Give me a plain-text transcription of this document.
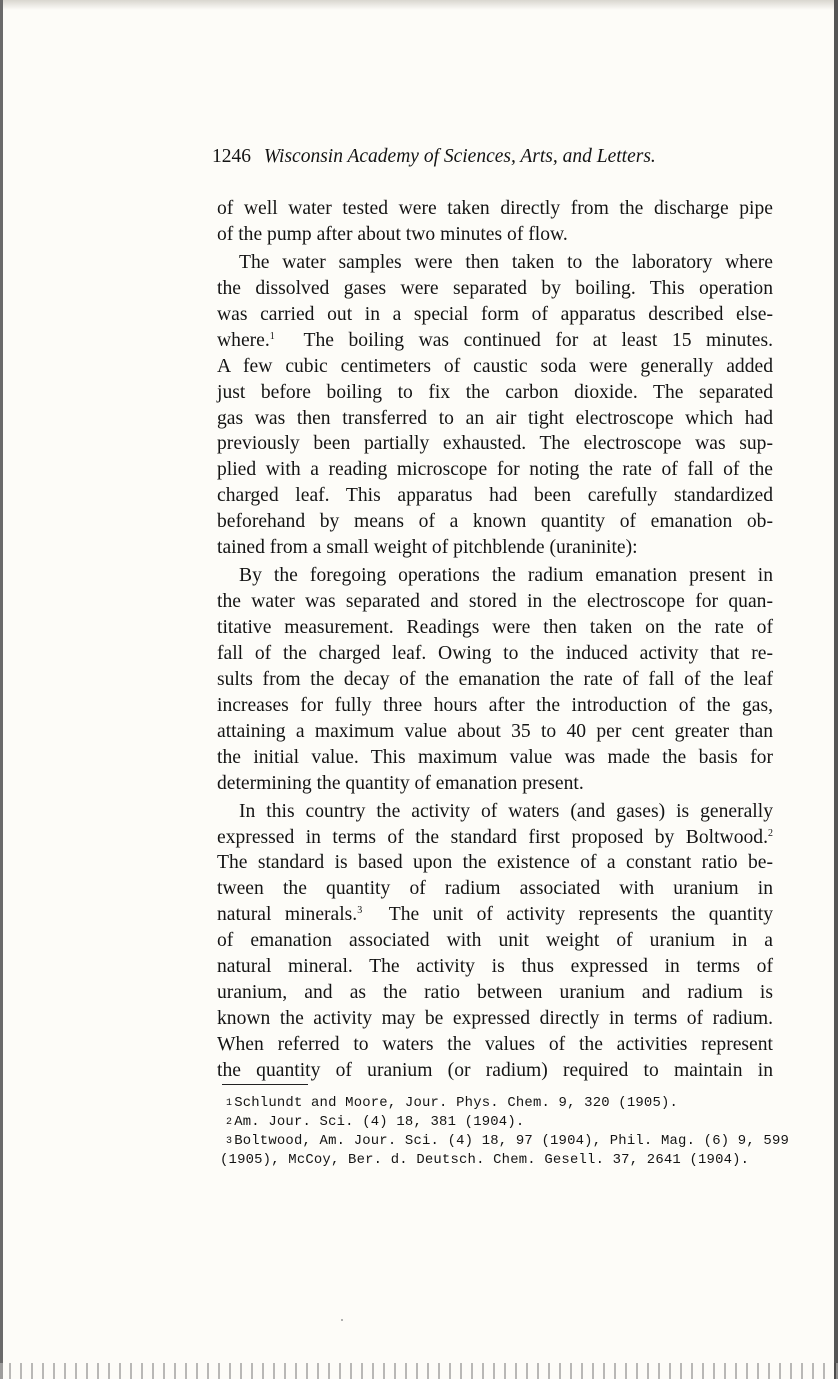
1246 Wisconsin Academy of Sciences, Arts, and Letters.
of well water tested were taken directly from the discharge pipe
of the pump after about two minutes of flow.
The water samples were then taken to the laboratory where
the dissolved gases were separated by boiling. This operation
was carried out in a special form of apparatus described else-
where.$^1$  The boiling was continued for at least 15 minutes.
A few cubic centimeters of caustic soda were generally added
just before boiling to fix the carbon dioxide. The separated
gas was then transferred to an air tight electroscope which had
previously been partially exhausted. The electroscope was sup-
plied with a reading microscope for noting the rate of fall of the
charged leaf. This apparatus had been carefully standardized
beforehand by means of a known quantity of emanation ob-
tained from a small weight of pitchblende (uraninite):
By the foregoing operations the radium emanation present in
the water was separated and stored in the electroscope for quan-
titative measurement. Readings were then taken on the rate of
fall of the charged leaf. Owing to the induced activity that re-
sults from the decay of the emanation the rate of fall of the leaf
increases for fully three hours after the introduction of the gas,
attaining a maximum value about 35 to 40 per cent greater than
the initial value. This maximum value was made the basis for
determining the quantity of emanation present.
In this country the activity of waters (and gases) is generally
expressed in terms of the standard first proposed by Boltwood.$^2$
The standard is based upon the existence of a constant ratio be-
tween the quantity of radium associated with uranium in
natural minerals.$^3$  The unit of activity represents the quantity
of emanation associated with unit weight of uranium in a
natural mineral. The activity is thus expressed in terms of
uranium, and as the ratio between uranium and radium is
known the activity may be expressed directly in terms of radium.
When referred to waters the values of the activities represent
the quantity of uranium (or radium) required to maintain in
1 Schlundt and Moore, Jour. Phys. Chem. 9, 320 (1905).
2 Am. Jour. Sci. (4) 18, 381 (1904).
3 Boltwood, Am. Jour. Sci. (4) 18, 97 (1904), Phil. Mag. (6) 9, 599
(1905), McCoy, Ber. d. Deutsch. Chem. Gesell. 37, 2641 (1904).
